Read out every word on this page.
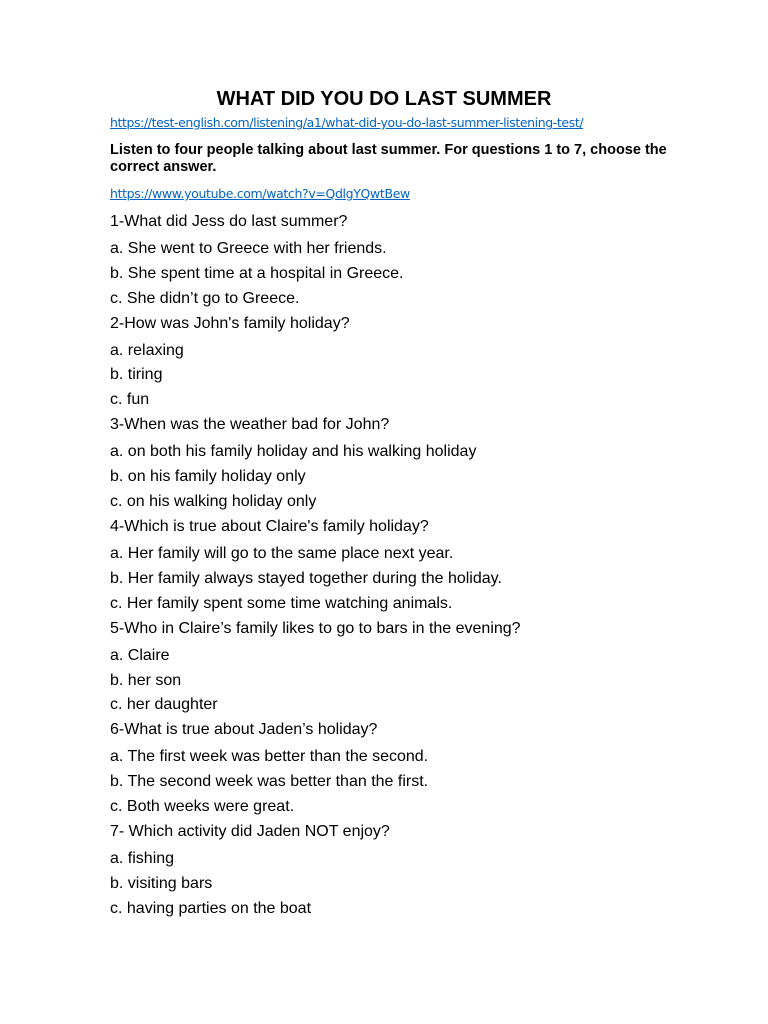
WHAT DID YOU DO LAST SUMMER
https://test-english.com/listening/a1/what-did-you-do-last-summer-listening-test/
Listen to four people talking about last summer. For questions 1 to 7, choose the correct answer.
https://www.youtube.com/watch?v=QdlgYQwtBew

1-What did Jess do last summer?

a. She went to Greece with her friends.

b. She spent time at a hospital in Greece.

c. She didn’t go to Greece.

2-How was John's family holiday?

a. relaxing

b. tiring

c. fun

3-When was the weather bad for John?

a. on both his family holiday and his walking holiday

b. on his family holiday only

c. on his walking holiday only

4-Which is true about Claire's family holiday?

a. Her family will go to the same place next year.

b. Her family always stayed together during the holiday.

c. Her family spent some time watching animals.

5-Who in Claire’s family likes to go to bars in the evening?

a. Claire

b. her son

c. her daughter

6-What is true about Jaden’s holiday?

a. The first week was better than the second.

b. The second week was better than the first.

c. Both weeks were great.

7- Which activity did Jaden NOT enjoy?

a. fishing

b. visiting bars

c. having parties on the boat
